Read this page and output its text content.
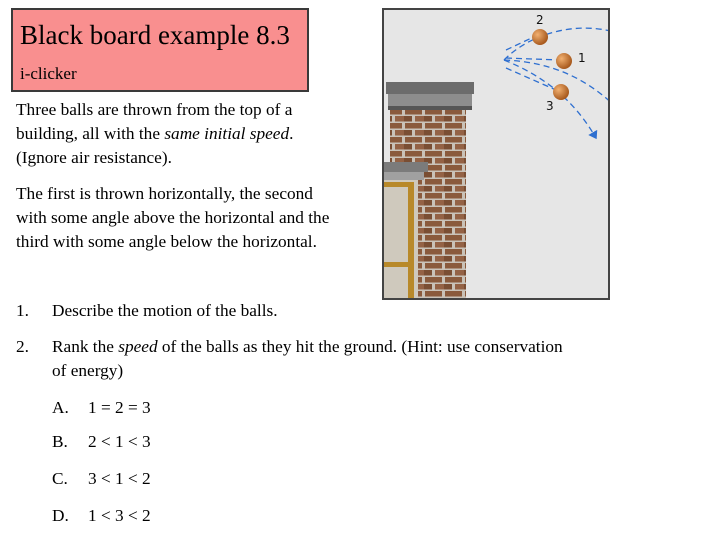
Black board example 8.3
i-clicker
Three balls are thrown from the top of a building, all with the same initial speed. (Ignore air resistance).
The first is thrown horizontally, the second with some angle above the horizontal and the third with some angle below the horizontal.
1. Describe the motion of the balls.
2. Rank the speed of the balls as they hit the ground. (Hint: use conservation
of energy)
A. 1 = 2 = 3
B. 2 < 1 < 3
C. 3 < 1 < 2
D. 1 < 3 < 2
2
1
3
